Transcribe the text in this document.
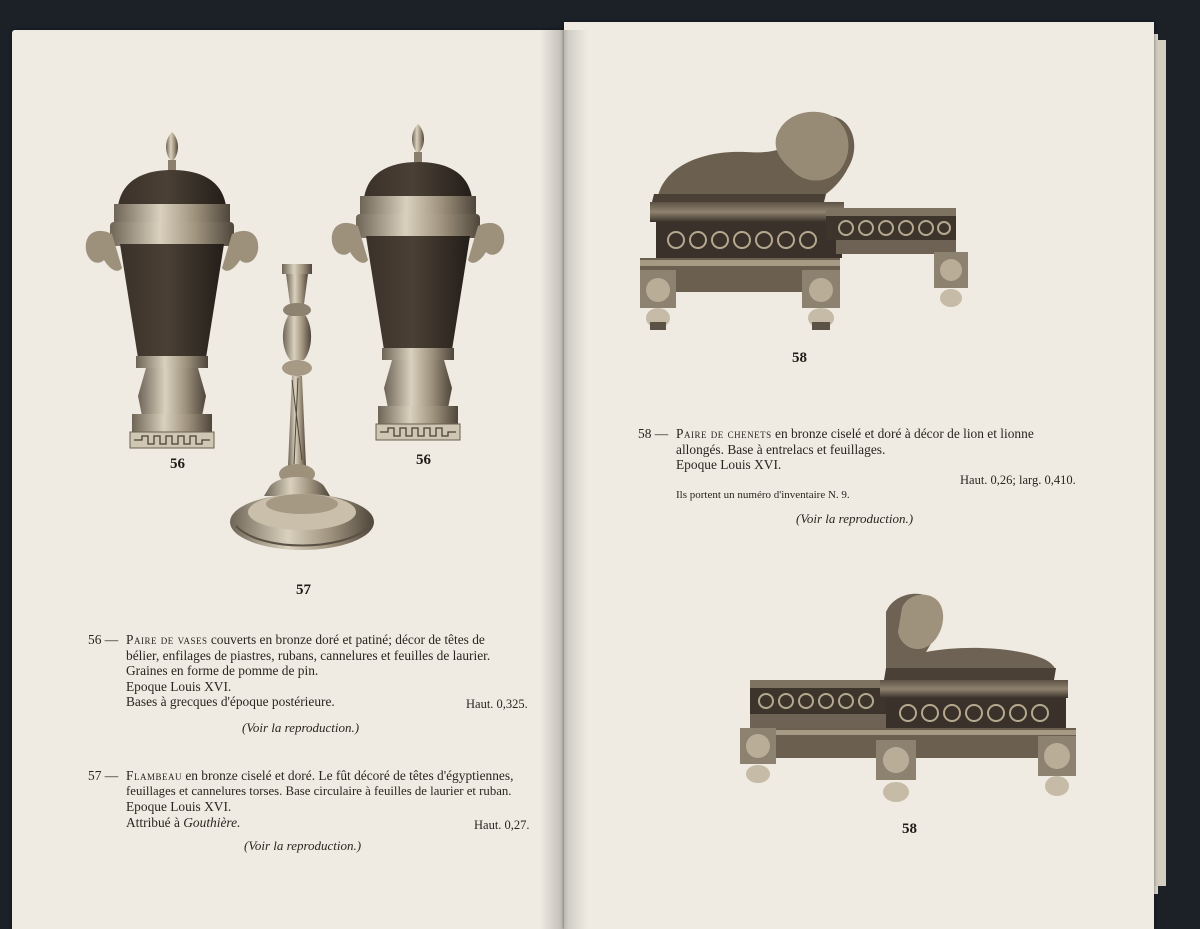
56	56
57
56 — Paire de vases couverts en bronze doré et patiné; décor de têtes de
bélier, enfilages de piastres, rubans, cannelures et feuilles de laurier.
Graines en forme de pomme de pin.
Epoque Louis XVI.
Bases à grecques d'époque postérieure.	Haut. 0,325.
(Voir la reproduction.)
57 — Flambeau en bronze ciselé et doré. Le fût décoré de têtes d'égyptiennes,
feuillages et cannelures torses. Base circulaire à feuilles de laurier et ruban.
Epoque Louis XVI.
Attribué à Gouthière.	Haut. 0,27.
(Voir la reproduction.)
58
58 — Paire de chenets en bronze ciselé et doré à décor de lion et lionne
allongés. Base à entrelacs et feuillages.
Epoque Louis XVI.
Haut. 0,26; larg. 0,410.
Ils portent un numéro d'inventaire N. 9.
(Voir la reproduction.)
58
